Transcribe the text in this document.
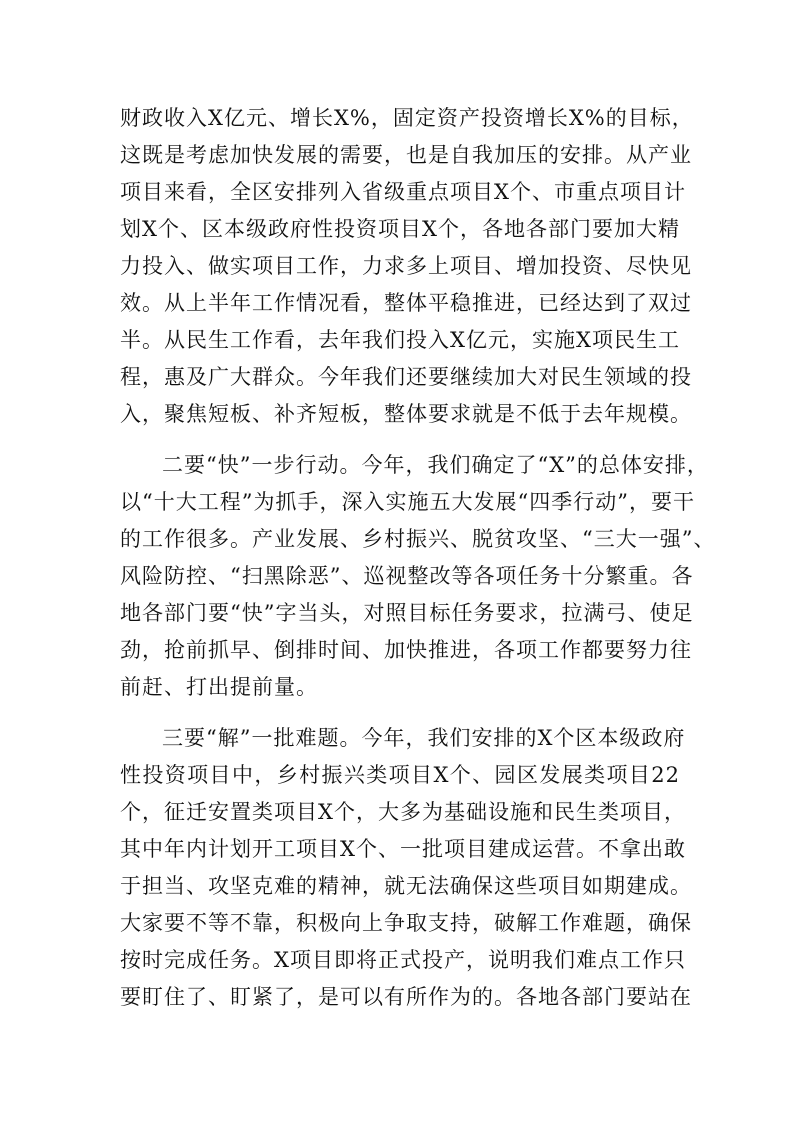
财政收入X亿元、增长X%，固定资产投资增长X%的目标，
这既是考虑加快发展的需要，也是自我加压的安排。从产业
项目来看，全区安排列入省级重点项目X个、市重点项目计
划X个、区本级政府性投资项目X个，各地各部门要加大精
力投入、做实项目工作，力求多上项目、增加投资、尽快见
效。从上半年工作情况看，整体平稳推进，已经达到了双过
半。从民生工作看，去年我们投入X亿元，实施X项民生工
程，惠及广大群众。今年我们还要继续加大对民生领域的投
入，聚焦短板、补齐短板，整体要求就是不低于去年规模。
二要“快”一步行动。今年，我们确定了“X”的总体安排，
以“十大工程”为抓手，深入实施五大发展“四季行动”，要干
的工作很多。产业发展、乡村振兴、脱贫攻坚、“三大一强”、
风险防控、“扫黑除恶”、巡视整改等各项任务十分繁重。各
地各部门要“快”字当头，对照目标任务要求，拉满弓、使足
劲，抢前抓早、倒排时间、加快推进，各项工作都要努力往
前赶、打出提前量。
三要“解”一批难题。今年，我们安排的X个区本级政府
性投资项目中，乡村振兴类项目X个、园区发展类项目22
个，征迁安置类项目X个，大多为基础设施和民生类项目，
其中年内计划开工项目X个、一批项目建成运营。不拿出敢
于担当、攻坚克难的精神，就无法确保这些项目如期建成。
大家要不等不靠，积极向上争取支持，破解工作难题，确保
按时完成任务。X项目即将正式投产，说明我们难点工作只
要盯住了、盯紧了，是可以有所作为的。各地各部门要站在
